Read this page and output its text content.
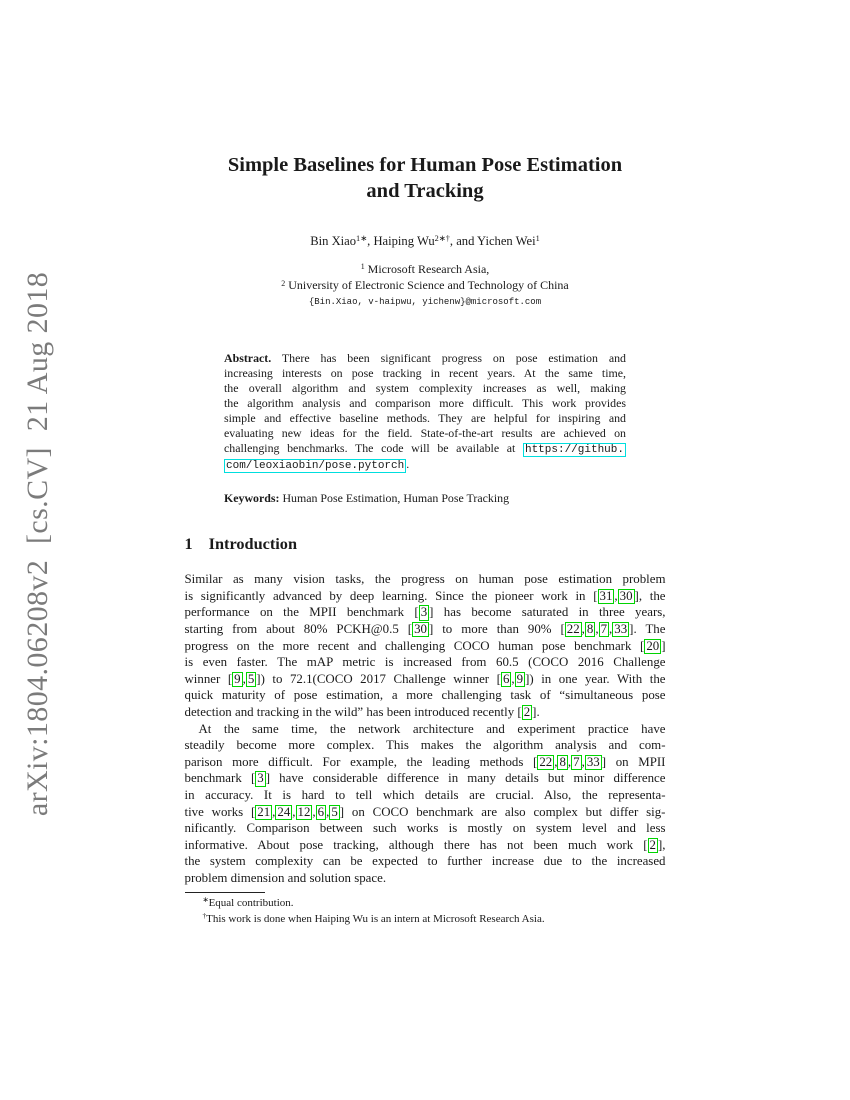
arXiv:1804.06208v2  [cs.CV]  21 Aug 2018
Simple Baselines for Human Pose Estimation
and Tracking
Bin Xiao$^{1∗}$, Haiping $Wu^{2∗\dagger}$, and Yichen Wei$^1$
$^1$ Microsoft Research Asia,
$^2$ University of Electronic Science and Technology of China
{Bin.Xiao, v-haipwu, yichenw}@microsoft.com
Abstract. There has been significant progress on pose estimation and
increasing interests on pose tracking in recent years. At the same time,
the overall algorithm and system complexity increases as well, making
the algorithm analysis and comparison more difficult. This work provides
simple and effective baseline methods. They are helpful for inspiring and
evaluating new ideas for the field. State-of-the-art results are achieved on
challenging benchmarks. The code will be available at https://github.
com/leoxiaobin/pose.pytorch .
Keywords: Human Pose Estimation, Human Pose Tracking
1 Introduction
Similar as many vision tasks, the progress on human pose estimation problem
is significantly advanced by deep learning. Since the pioneer work in [ 31 , 30 ], the
performance on the MPII benchmark [ 3 ] has become saturated in three years,
starting from about 80% PCKH@0.5 [ 30 ] to more than 90% [ 22 , 8 , 7 , 33 ]. The
progress on the more recent and challenging COCO human pose benchmark [ 20 ]
is even faster. The mAP metric is increased from 60.5 (COCO 2016 Challenge
winner [ 9 , 5 ]) to 72.1(COCO 2017 Challenge winner [ 6 , 9 ]) in one year. With the
quick maturity of pose estimation, a more challenging task of “simultaneous pose
detection and tracking in the wild” has been introduced recently [ 2 ].
At the same time, the network architecture and experiment practice have
steadily become more complex. This makes the algorithm analysis and com-
parison more difficult. For example, the leading methods [ 22 , 8 , 7 , 33 ] on MPII
benchmark [ 3 ] have considerable difference in many details but minor difference
in accuracy. It is hard to tell which details are crucial. Also, the representa-
tive works [ 21 , 24 , 12 , 6 , 5 ] on COCO benchmark are also complex but differ sig-
nificantly. Comparison between such works is mostly on system level and less
informative. About pose tracking, although there has not been much work [ 2 ],
the system complexity can be expected to further increase due to the increased
problem dimension and solution space.
∗Equal contribution.
†This work is done when Haiping Wu is an intern at Microsoft Research Asia.
